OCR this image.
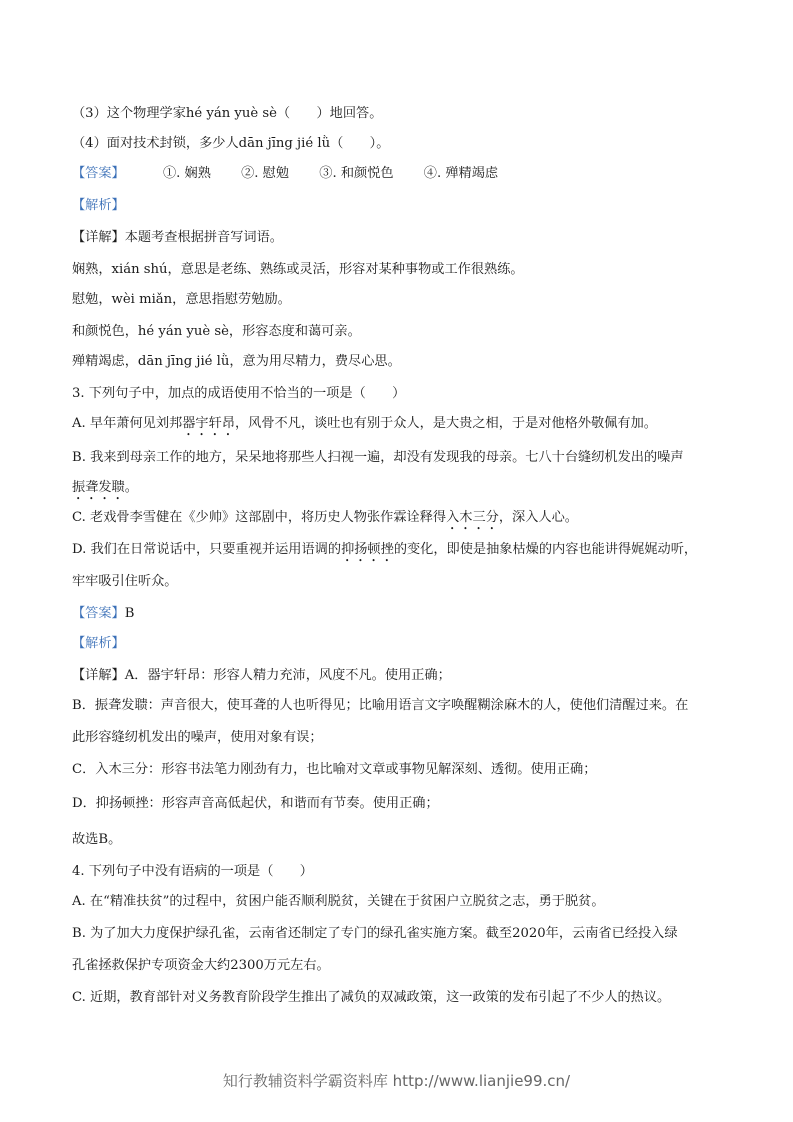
（3）这个物理学家hé yán yuè sè（　　）地回答。
（4）面对技术封锁，多少人dān jīng jié lǜ（　　）。
【答案】	①. 娴熟 ②. 慰勉 ③. 和颜悦色 ④. 殚精竭虑
【解析】
【详解】本题考查根据拼音写词语。
娴熟，xián shú，意思是老练、熟练或灵活，形容对某种事物或工作很熟练。
慰勉，wèi miǎn，意思指慰劳勉励。
和颜悦色，hé yán yuè sè，形容态度和蔼可亲。
殚精竭虑，dān jīng jié lǜ，意为用尽精力，费尽心思。
3. 下列句子中，加点的成语使用不恰当的一项是（　　）
A. 早年萧何见刘邦器宇轩昂，风骨不凡，谈吐也有别于众人，是大贵之相，于是对他格外敬佩有加。
B. 我来到母亲工作的地方，呆呆地将那些人扫视一遍，却没有发现我的母亲。七八十台缝纫机发出的噪声
振聋发聩。
C. 老戏骨李雪健在《少帅》这部剧中，将历史人物张作霖诠释得入木三分，深入人心。
D. 我们在日常说话中，只要重视并运用语调的抑扬顿挫的变化，即使是抽象枯燥的内容也能讲得娓娓动听，
牢牢吸引住听众。
【答案】B
【解析】
【详解】A．器宇轩昂：形容人精力充沛，风度不凡。使用正确；
B．振聋发聩：声音很大，使耳聋的人也听得见；比喻用语言文字唤醒糊涂麻木的人，使他们清醒过来。在
此形容缝纫机发出的噪声，使用对象有误；
C．入木三分：形容书法笔力刚劲有力，也比喻对文章或事物见解深刻、透彻。使用正确；
D．抑扬顿挫：形容声音高低起伏，和谐而有节奏。使用正确；
故选B。
4. 下列句子中没有语病的一项是（　　）
A. 在“精准扶贫”的过程中，贫困户能否顺利脱贫，关键在于贫困户立脱贫之志，勇于脱贫。
B. 为了加大力度保护绿孔雀，云南省还制定了专门的绿孔雀实施方案。截至2020年，云南省已经投入绿
孔雀拯救保护专项资金大约2300万元左右。
C. 近期，教育部针对义务教育阶段学生推出了减负的双减政策，这一政策的发布引起了不少人的热议。
知行教辅资料学霸资料库 http://www.lianjie99.cn/
